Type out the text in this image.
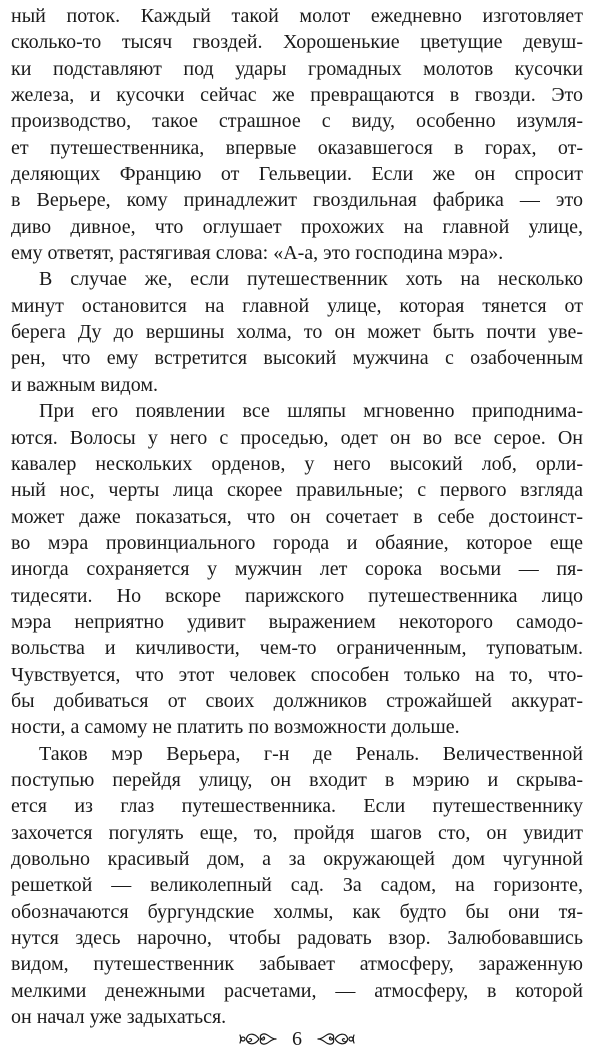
ный поток. Каждый такой молот ежедневно изготовляет
сколько-то тысяч гвоздей. Хорошенькие цветущие девуш-
ки подставляют под удары громадных молотов кусочки
железа, и кусочки сейчас же превращаются в гвозди. Это
производство, такое страшное с виду, особенно изумля-
ет путешественника, впервые оказавшегося в горах, от-
деляющих Францию от Гельвеции. Если же он спросит
в Верьере, кому принадлежит гвоздильная фабрика — это
диво дивное, что оглушает прохожих на главной улице,
ему ответят, растягивая слова: «А-а, это господина мэра».
В случае же, если путешественник хоть на несколько
минут остановится на главной улице, которая тянется от
берега Ду до вершины холма, то он может быть почти уве-
рен, что ему встретится высокий мужчина с озабоченным
и важным видом.
При его появлении все шляпы мгновенно приподнима-
ются. Волосы у него с проседью, одет он во все серое. Он
кавалер нескольких орденов, у него высокий лоб, орли-
ный нос, черты лица скорее правильные; с первого взгляда
может даже показаться, что он сочетает в себе достоинст-
во мэра провинциального города и обаяние, которое еще
иногда сохраняется у мужчин лет сорока восьми — пя-
тидесяти. Но вскоре парижского путешественника лицо
мэра неприятно удивит выражением некоторого самодо-
вольства и кичливости, чем-то ограниченным, туповатым.
Чувствуется, что этот человек способен только на то, что-
бы добиваться от своих должников строжайшей аккурат-
ности, а самому не платить по возможности дольше.
Таков мэр Верьера, г-н де Реналь. Величественной
поступью перейдя улицу, он входит в мэрию и скрыва-
ется из глаз путешественника. Если путешественнику
захочется погулять еще, то, пройдя шагов сто, он увидит
довольно красивый дом, а за окружающей дом чугунной
решеткой — великолепный сад. За садом, на горизонте,
обозначаются бургундские холмы, как будто бы они тя-
нутся здесь нарочно, чтобы радовать взор. Залюбовавшись
видом, путешественник забывает атмосферу, зараженную
мелкими денежными расчетами, — атмосферу, в которой
он начал уже задыхаться.
6
